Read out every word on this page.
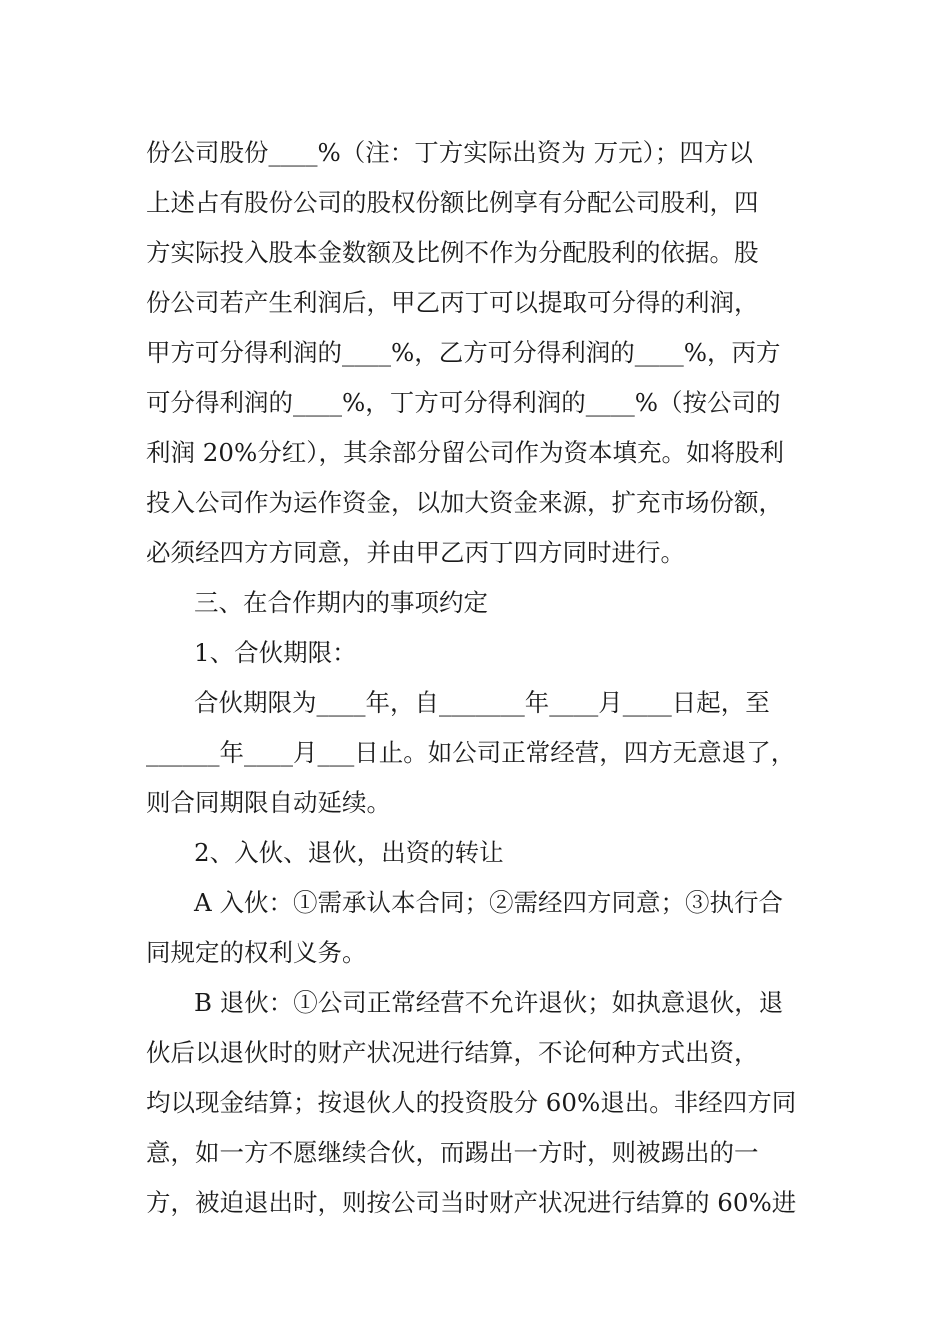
份公司股份____%（注：丁方实际出资为 万元）；四方以
上述占有股份公司的股权份额比例享有分配公司股利，四
方实际投入股本金数额及比例不作为分配股利的依据。股
份公司若产生利润后，甲乙丙丁可以提取可分得的利润，
甲方可分得利润的____%，乙方可分得利润的____%，丙方
可分得利润的____%，丁方可分得利润的____%（按公司的
利润 20%分红），其余部分留公司作为资本填充。如将股利
投入公司作为运作资金，以加大资金来源，扩充市场份额，
必须经四方方同意，并由甲乙丙丁四方同时进行。
三、在合作期内的事项约定
1、合伙期限：
合伙期限为____年，自_______年____月____日起，至
______年____月___日止。如公司正常经营，四方无意退了，
则合同期限自动延续。
2、入伙、退伙，出资的转让
A 入伙：①需承认本合同；②需经四方同意；③执行合
同规定的权利义务。
B 退伙：①公司正常经营不允许退伙；如执意退伙，退
伙后以退伙时的财产状况进行结算，不论何种方式出资，
均以现金结算；按退伙人的投资股分 60%退出。非经四方同
意，如一方不愿继续合伙，而踢出一方时，则被踢出的一
方，被迫退出时，则按公司当时财产状况进行结算的 60%进
